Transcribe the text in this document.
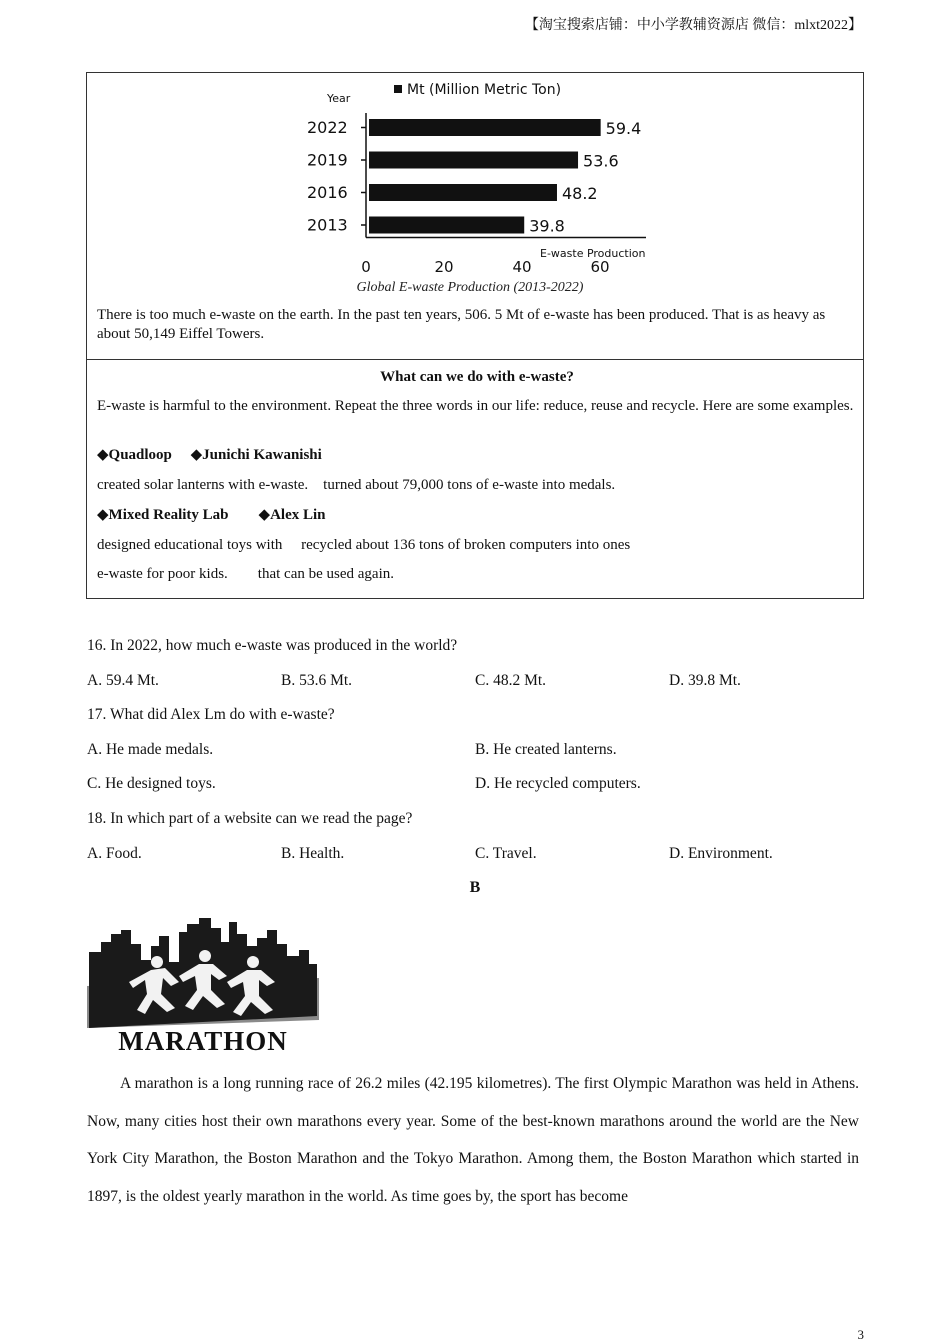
【淘宝搜索店铺：中小学教辅资源店 微信：mlxt2022】
Mt (Million Metric Ton)
Year
2022	59.4
2019	53.6
2016	48.2
2013	39.8
0	20	40	60
E-waste Production
Global E-waste Production (2013-2022)
There is too much e-waste on the earth. In the past ten years, 506. 5 Mt of e-waste has been produced. That is as heavy as about 50,149 Eiffel Towers.
What can we do with e-waste?
E-waste is harmful to the environment. Repeat the three words in our life: reduce, reuse and recycle. Here are some examples.
◆Quadloop     ◆Junichi Kawanishi
created solar lanterns with e-waste.    turned about 79,000 tons of e-waste into medals.
◆Mixed Reality Lab        ◆Alex Lin
designed educational toys with     recycled about 136 tons of broken computers into ones
e-waste for poor kids.        that can be used again.
16. In 2022, how much e-waste was produced in the world?
A. 59.4 Mt.	B. 53.6 Mt.	C. 48.2 Mt.	D. 39.8 Mt.
17. What did Alex Lm do with e-waste?
A. He made medals.	B. He created lanterns.
C. He designed toys.	D. He recycled computers.
18. In which part of a website can we read the page?
A. Food.	B. Health.	C. Travel.	D. Environment.
B
MARATHON
A marathon is a long running race of 26.2 miles (42.195 kilometres). The first Olympic Marathon was held in Athens. Now, many cities host their own marathons every year. Some of the best-known marathons around the world are the New York City Marathon, the Boston Marathon and the Tokyo Marathon. Among them, the Boston Marathon which started in 1897, is the oldest yearly marathon in the world. As time goes by, the sport has become
3
